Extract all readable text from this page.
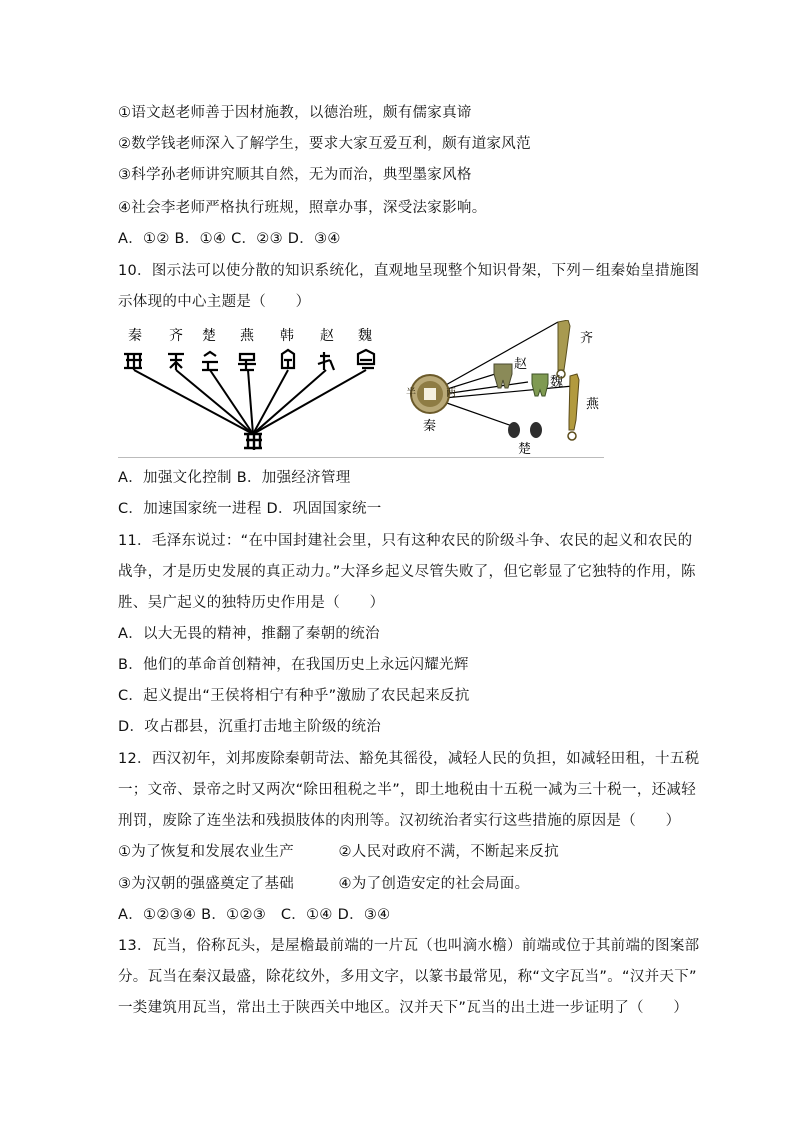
①语文赵老师善于因材施教，以德治班，颇有儒家真谛
②数学钱老师深入了解学生，要求大家互爱互利，颇有道家风范
③科学孙老师讲究顺其自然，无为而治，典型墨家风格
④社会李老师严格执行班规，照章办事，深受法家影响。
A．①② B．①④ C．②③ D．③④
10．图示法可以使分散的知识系统化，直观地呈现整个知识骨架，下列－组秦始皇措施图
示体现的中心主题是（　　）
A．加强文化控制 B．加强经济管理
C．加速国家统一进程 D．巩固国家统一
11．毛泽东说过：“在中国封建社会里，只有这种农民的阶级斗争、农民的起义和农民的
战争，才是历史发展的真正动力。”大泽乡起义尽管失败了，但它彰显了它独特的作用，陈
胜、吴广起义的独特历史作用是（　　）
A．以大无畏的精神，推翻了秦朝的统治
B．他们的革命首创精神，在我国历史上永远闪耀光辉
C．起义提出“王侯将相宁有种乎”激励了农民起来反抗
D．攻占郡县，沉重打击地主阶级的统治
12．西汉初年，刘邦废除秦朝苛法、豁免其徭役，减轻人民的负担，如减轻田租，十五税
一；文帝、景帝之时又两次“除田租税之半”，即土地税由十五税一减为三十税一，还减轻
刑罚，废除了连坐法和残损肢体的肉刑等。汉初统治者实行这些措施的原因是（　　）
①为了恢复和发展农业生产　　　②人民对政府不满，不断起来反抗
③为汉朝的强盛奠定了基础　　　④为了创造安定的社会局面。
A．①②③④ B．①②③　C．①④ D．③④
13．瓦当，俗称瓦头，是屋檐最前端的一片瓦（也叫滴水檐）前端或位于其前端的图案部
分。瓦当在秦汉最盛，除花纹外，多用文字，以篆书最常见，称“文字瓦当”。“汉并天下”
一类建筑用瓦当，常出土于陕西关中地区。汉并天下”瓦当的出土进一步证明了（　　）
秦 齐 楚 燕 韩 赵 魏
半	两
秦
赵
魏
齐
燕
楚
